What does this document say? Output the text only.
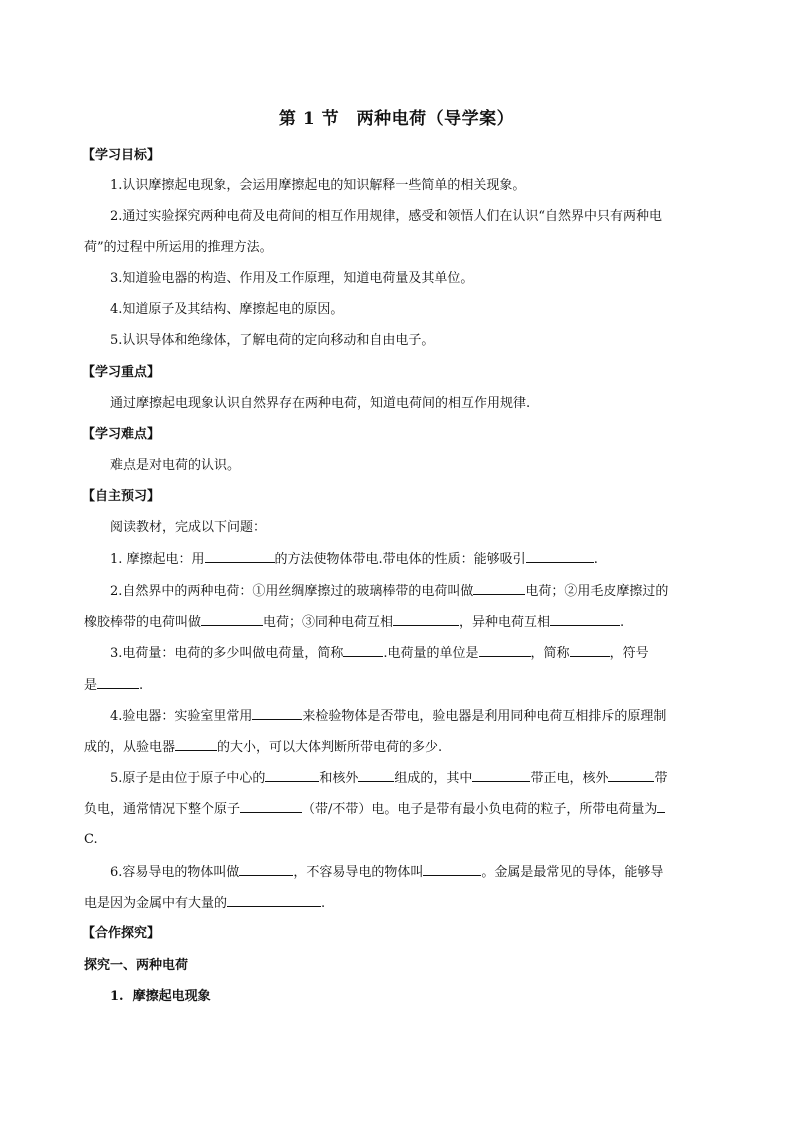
第 1 节　两种电荷（导学案）
【学习目标】
1.认识摩擦起电现象，会运用摩擦起电的知识解释一些简单的相关现象。
2.通过实验探究两种电荷及电荷间的相互作用规律，感受和领悟人们在认识“自然界中只有两种电
荷”的过程中所运用的推理方法。
3.知道验电器的构造、作用及工作原理，知道电荷量及其单位。
4.知道原子及其结构、摩擦起电的原因。
5.认识导体和绝缘体，了解电荷的定向移动和自由电子。
【学习重点】
通过摩擦起电现象认识自然界存在两种电荷，知道电荷间的相互作用规律.
【学习难点】
难点是对电荷的认识。
【自主预习】
阅读教材，完成以下问题：
1. 摩擦起电：用	的方法使物体带电.带电体的性质：能够吸引	.
2.自然界中的两种电荷：①用丝绸摩擦过的玻璃棒带的电荷叫做	电荷；②用毛皮摩擦过的
橡胶棒带的电荷叫做	电荷；③同种电荷互相	，异种电荷互相	.
3.电荷量：电荷的多少叫做电荷量，简称	.电荷量的单位是	，简称	，符号
是	.
4.验电器：实验室里常用	来检验物体是否带电，验电器是利用同种电荷互相排斥的原理制
成的，从验电器	的大小，可以大体判断所带电荷的多少.
5.原子是由位于原子中心的	和核外	组成的，其中	带正电，核外	带
负电，通常情况下整个原子	（带/不带）电。电子是带有最小负电荷的粒子，所带电荷量为
C.
6.容易导电的物体叫做	，不容易导电的物体叫	。金属是最常见的导体，能够导
电是因为金属中有大量的	.
【合作探究】
探究一、两种电荷
1. 摩擦起电现象
